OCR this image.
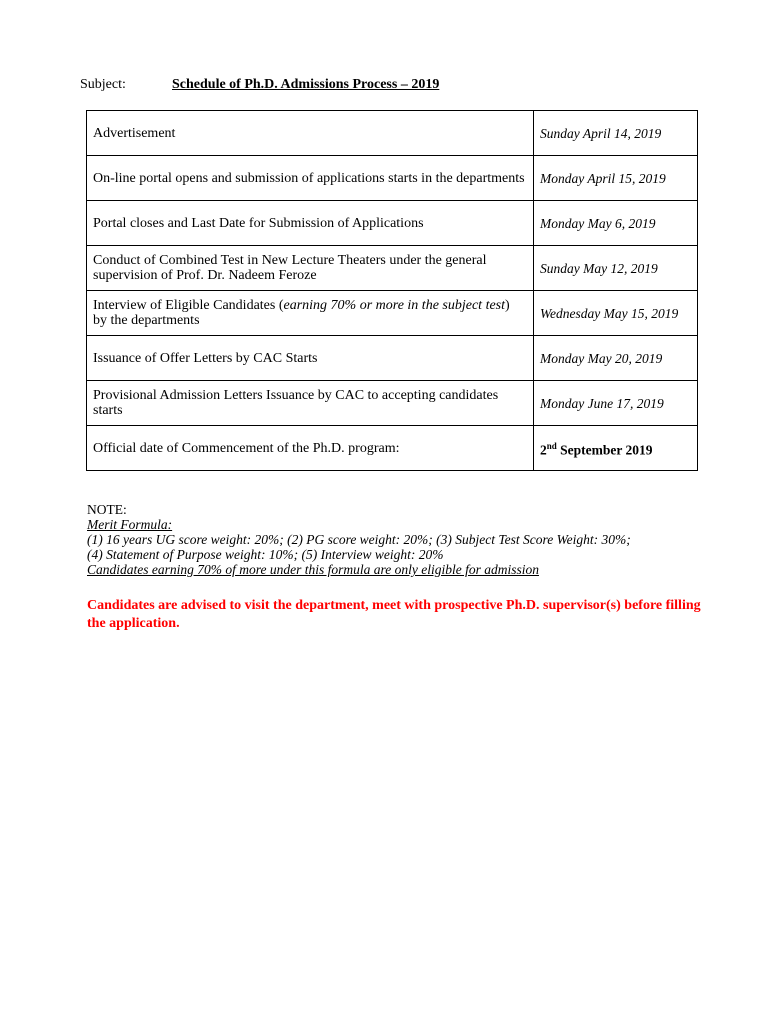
Subject:	Schedule of Ph.D. Admissions Process – 2019
Advertisement	Sunday April 14, 2019
On-line portal opens and submission of applications starts in the departments	Monday April 15, 2019
Portal closes and Last Date for Submission of Applications	Monday May 6, 2019
Conduct of Combined Test in New Lecture Theaters under the general supervision of Prof. Dr. Nadeem Feroze	Sunday May 12, 2019
Interview of Eligible Candidates (earning 70% or more in the subject test) by the departments	Wednesday May 15, 2019
Issuance of Offer Letters by CAC Starts	Monday May 20, 2019
Provisional Admission Letters Issuance by CAC to accepting candidates starts	Monday June 17, 2019
Official date of Commencement of the Ph.D. program:	2nd September 2019
NOTE:
Merit Formula:
(1) 16 years UG score weight: 20%; (2) PG score weight: 20%; (3) Subject Test Score Weight: 30%;
(4) Statement of Purpose weight: 10%; (5) Interview weight: 20%
Candidates earning 70% of more under this formula are only eligible for admission
Candidates are advised to visit the department, meet with prospective Ph.D. supervisor(s) before filling the application.
